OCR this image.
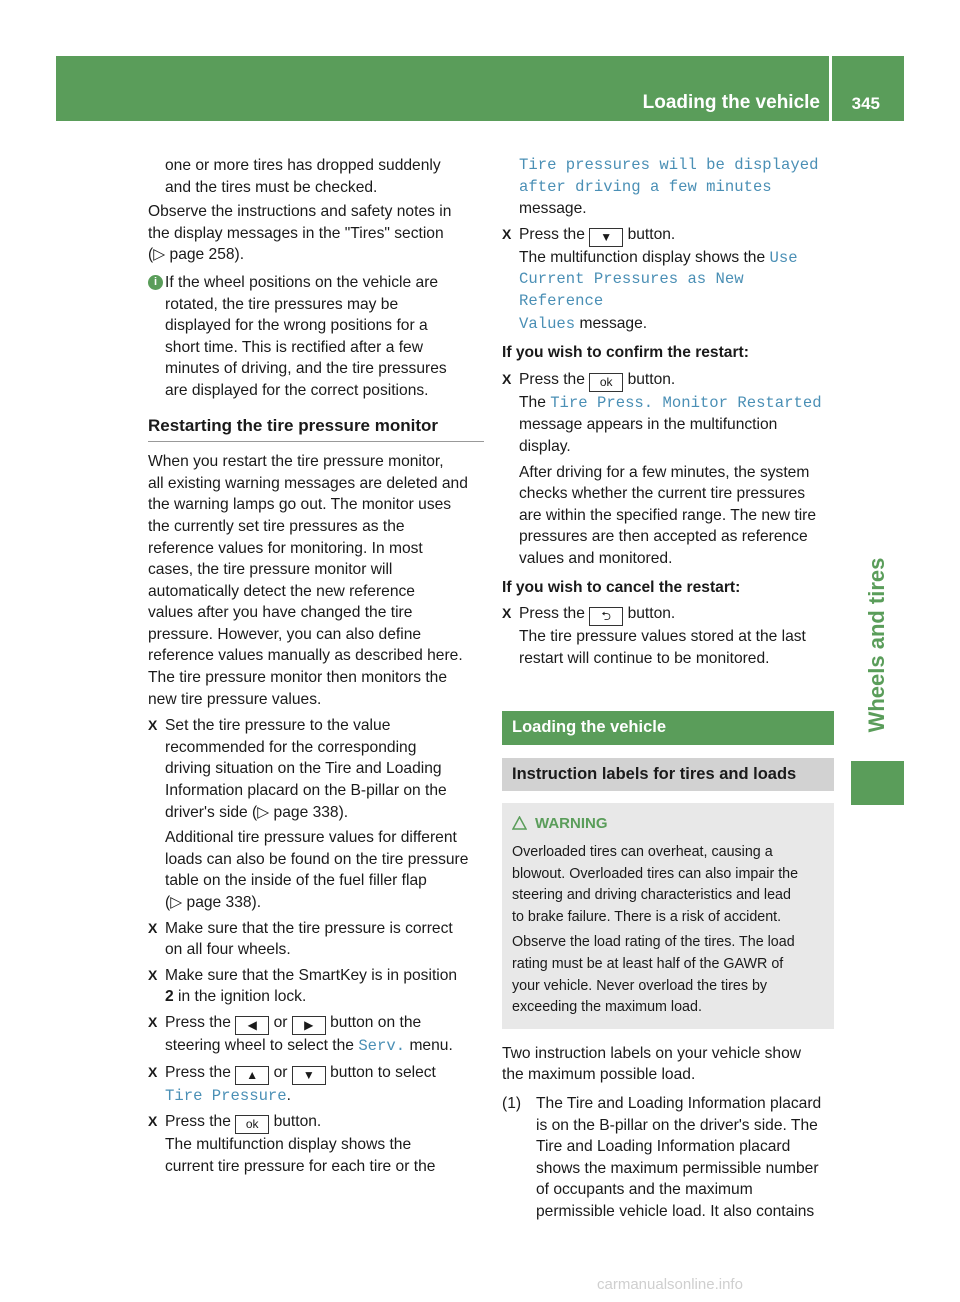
Loading the vehicle 345
Wheels and tires

one or more tires has dropped suddenly

and the tires must be checked.

Observe the instructions and safety notes in

the display messages in the "Tires" section

(▷ page 258).

i If the wheel positions on the vehicle are

rotated, the tire pressures may be

displayed for the wrong positions for a

short time. This is rectified after a few

minutes of driving, and the tire pressures

are displayed for the correct positions.

Restarting the tire pressure monitor

When you restart the tire pressure monitor,

all existing warning messages are deleted and

the warning lamps go out. The monitor uses

the currently set tire pressures as the

reference values for monitoring. In most

cases, the tire pressure monitor will

automatically detect the new reference

values after you have changed the tire

pressure. However, you can also define

reference values manually as described here.

The tire pressure monitor then monitors the

new tire pressure values.

X Set the tire pressure to the value

recommended for the corresponding

driving situation on the Tire and Loading

Information placard on the B-pillar on the

driver's side (▷ page 338).

Additional tire pressure values for different

loads can also be found on the tire pressure

table on the inside of the fuel filler flap

(▷ page 338).

X Make sure that the tire pressure is correct

on all four wheels.

X Make sure that the SmartKey is in position

2 in the ignition lock.

X Press the ◀ or ▶ button on the

steering wheel to select the Serv. menu.

X Press the ▲ or ▼ button to select

Tire Pressure.

X Press the ok button.

The multifunction display shows the

current tire pressure for each tire or the

Tire pressures will be displayed

after driving a few minutes

message.

X Press the ▼ button.

The multifunction display shows the Use

Current Pressures as New Reference

Values message.

If you wish to confirm the restart:

X Press the ok button.

The Tire Press. Monitor Restarted

message appears in the multifunction

display.

After driving for a few minutes, the system

checks whether the current tire pressures

are within the specified range. The new tire

pressures are then accepted as reference

values and monitored.

If you wish to cancel the restart:

X Press the ⮌ button.

The tire pressure values stored at the last

restart will continue to be monitored.

Loading the vehicle
Instruction labels for tires and loads
WARNING

Overloaded tires can overheat, causing a

blowout. Overloaded tires can also impair the

steering and driving characteristics and lead

to brake failure. There is a risk of accident.

Observe the load rating of the tires. The load

rating must be at least half of the GAWR of

your vehicle. Never overload the tires by

exceeding the maximum load.

Two instruction labels on your vehicle show

the maximum possible load.

(1) The Tire and Loading Information placard

is on the B-pillar on the driver's side. The

Tire and Loading Information placard

shows the maximum permissible number

of occupants and the maximum

permissible vehicle load. It also contains

carmanualsonline.info
